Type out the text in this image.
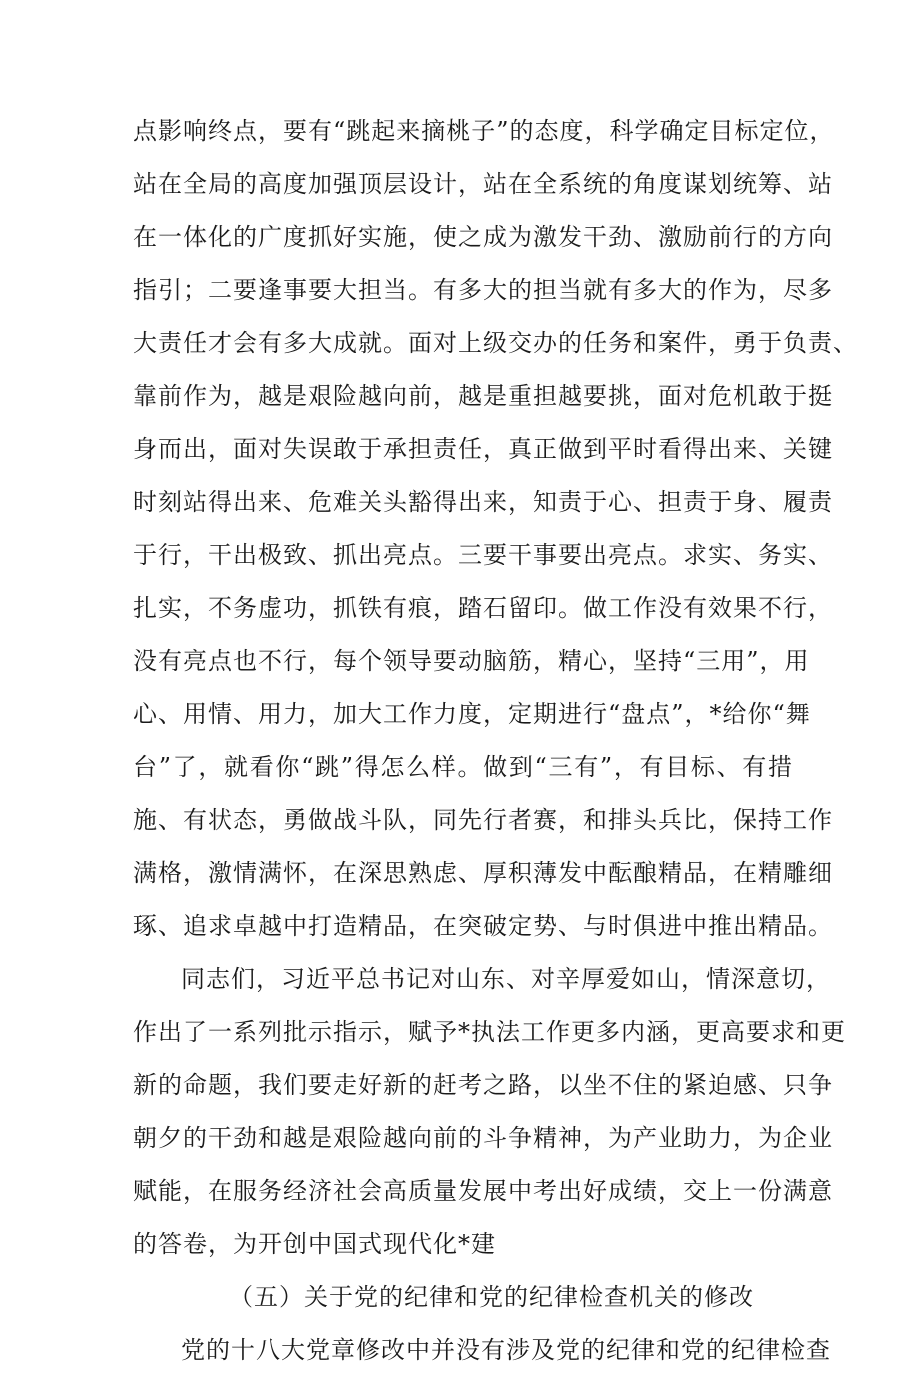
点影响终点，要有“跳起来摘桃子”的态度，科学确定目标定位，
站在全局的高度加强顶层设计，站在全系统的角度谋划统筹、站
在一体化的广度抓好实施，使之成为激发干劲、激励前行的方向
指引；二要逢事要大担当。有多大的担当就有多大的作为，尽多
大责任才会有多大成就。面对上级交办的任务和案件，勇于负责、
靠前作为，越是艰险越向前，越是重担越要挑，面对危机敢于挺
身而出，面对失误敢于承担责任，真正做到平时看得出来、关键
时刻站得出来、危难关头豁得出来，知责于心、担责于身、履责
于行，干出极致、抓出亮点。三要干事要出亮点。求实、务实、
扎实，不务虚功，抓铁有痕，踏石留印。做工作没有效果不行，
没有亮点也不行，每个领导要动脑筋，精心，坚持“三用”，用
心、用情、用力，加大工作力度，定期进行“盘点”，*给你“舞
台”了，就看你“跳”得怎么样。做到“三有”，有目标、有措
施、有状态，勇做战斗队，同先行者赛，和排头兵比，保持工作
满格，激情满怀，在深思熟虑、厚积薄发中酝酿精品，在精雕细
琢、追求卓越中打造精品，在突破定势、与时俱进中推出精品。
同志们，习近平总书记对山东、对辛厚爱如山，情深意切，
作出了一系列批示指示，赋予*执法工作更多内涵，更高要求和更
新的命题，我们要走好新的赶考之路，以坐不住的紧迫感、只争
朝夕的干劲和越是艰险越向前的斗争精神，为产业助力，为企业
赋能，在服务经济社会高质量发展中考出好成绩，交上一份满意
的答卷，为开创中国式现代化*建
（五）关于党的纪律和党的纪律检查机关的修改
党的十八大党章修改中并没有涉及党的纪律和党的纪律检查
